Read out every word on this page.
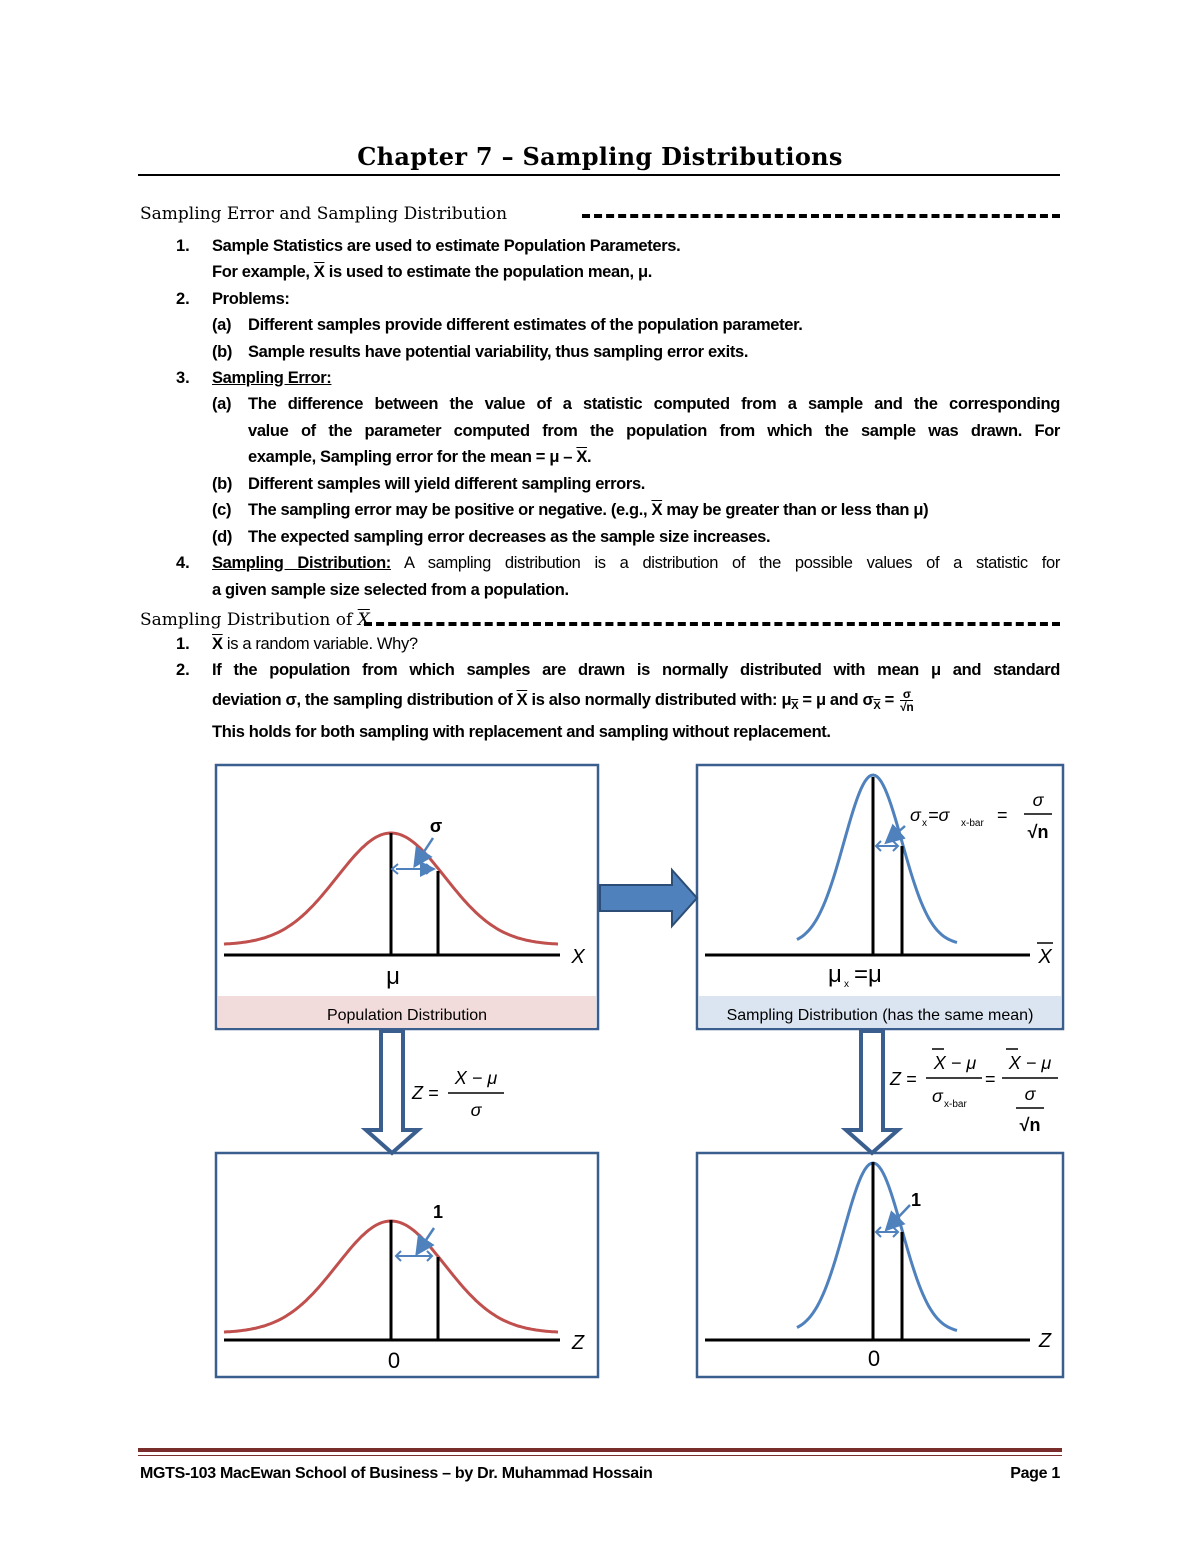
Chapter 7 – Sampling Distributions
Sampling Error and Sampling Distribution
1. Sample Statistics are used to estimate Population Parameters.
For example, $\overline{X}$ is used to estimate the population mean, μ.
2. Problems:
(a) Different samples provide different estimates of the population parameter.
(b) Sample results have potential variability, thus sampling error exits.
3. Sampling Error:
(a) The difference between the value of a statistic computed from a sample and the corresponding
value of the parameter computed from the population from which the sample was drawn. For
example, Sampling error for the mean = μ – $\overline{X}$.
(b) Different samples will yield different sampling errors.
(c) The sampling error may be positive or negative. (e.g., $\overline{X}$ may be greater than or less than μ)
(d) The expected sampling error decreases as the sample size increases.
4. Sampling Distribution: A sampling distribution is a distribution of the possible values of a statistic for
a given sample size selected from a population.
Sampling Distribution of $\overline{X}$
1. $\overline{X}$ is a random variable. Why?
2. If the population from which samples are drawn is normally distributed with mean μ and standard
deviation σ, the sampling distribution of $\overline{X}$ is also normally distributed with: $\mu_{\overline{X}} = \mu$ and $\sigma_{\overline{X}} = \frac{\sigma}{√n}$
This holds for both sampling with replacement and sampling without replacement.
Population Distribution	Sampling Distribution (has the same mean)
σ
X
μ
σ x =σ x-bar =
σ
√n
X
μ x =μ
Z =
X − μ
σ
Z =
X − μ
σ x-bar
=
X − μ
σ
√n
1
Z
0
1
Z
0
MGTS-103 MacEwan School of Business – by Dr. Muhammad Hossain	Page 1
